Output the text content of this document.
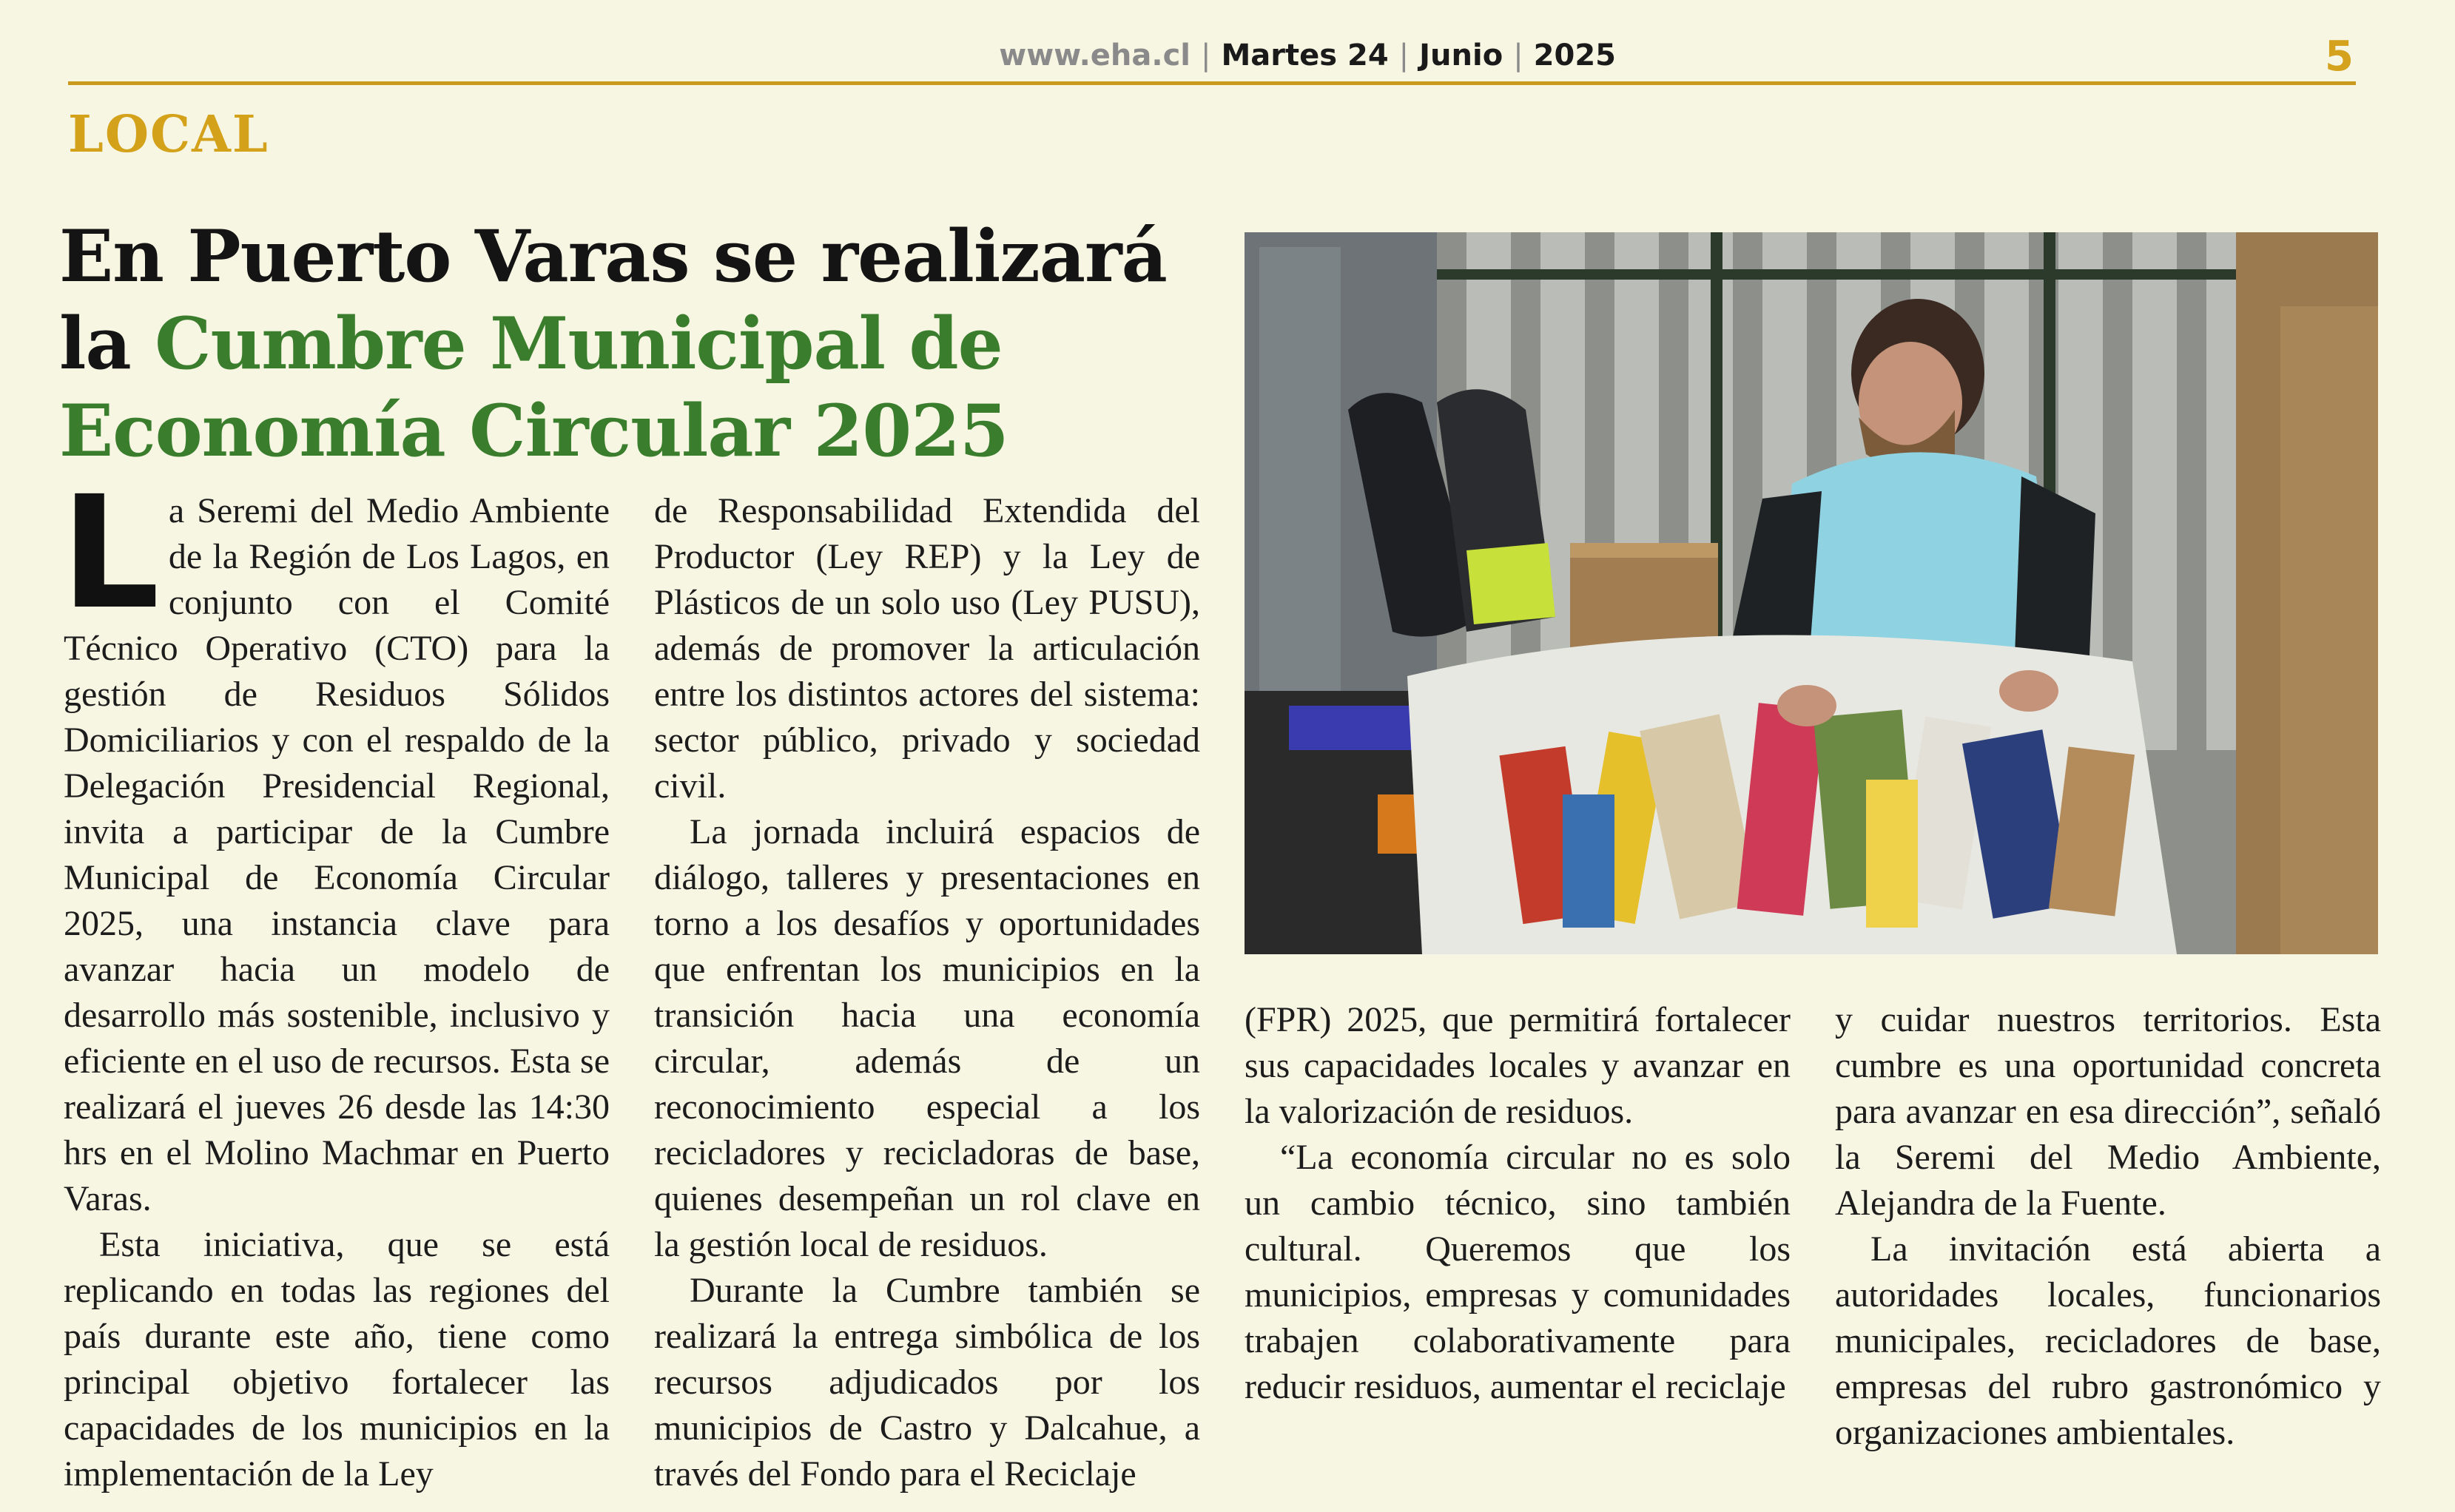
www.eha.cl | Martes 24 | Junio | 2025	5
LOCAL
En Puerto Varas se realizará
la Cumbre Municipal de
Economía Circular 2025

La Seremi del Medio Ambiente de la Región de Los Lagos, en conjunto con el Comité Técnico Operativo (CTO) para la gestión de Residuos Sólidos Domiciliarios y con el respaldo de la Delegación Presidencial Regional, invita a participar de la Cumbre Municipal de Economía Circular 2025, una instancia clave para avanzar hacia un modelo de desarrollo más sostenible, inclusivo y eficiente en el uso de recursos. Esta se realizará el jueves 26 desde las 14:30 hrs en el Molino Machmar en Puerto Varas.

Esta iniciativa, que se está replicando en todas las regiones del país durante este año, tiene como principal objetivo fortalecer las capacidades de los municipios en la implementación de la Ley

de Responsabilidad Extendida del Productor (Ley REP) y la Ley de Plásticos de un solo uso (Ley PUSU), además de promover la articulación entre los distintos actores del sistema: sector público, privado y sociedad civil.

La jornada incluirá espacios de diálogo, talleres y presentaciones en torno a los desafíos y oportunidades que enfrentan los municipios en la transición hacia una economía circular, además de un reconocimiento especial a los recicladores y recicladoras de base, quienes desempeñan un rol clave en la gestión local de residuos.

Durante la Cumbre también se realizará la entrega simbólica de los recursos adjudicados por los municipios de Castro y Dalcahue, a través del Fondo para el Reciclaje

(FPR) 2025, que permitirá fortalecer sus capacidades locales y avanzar en la valorización de residuos.

“La economía circular no es solo un cambio técnico, sino también cultural. Queremos que los municipios, empresas y comunidades trabajen colaborativamente para reducir residuos, aumentar el reciclaje

y cuidar nuestros territorios. Esta cumbre es una oportunidad concreta para avanzar en esa dirección”, señaló la Seremi del Medio Ambiente, Alejandra de la Fuente.

La invitación está abierta a autoridades locales, funcionarios municipales, recicladores de base, empresas del rubro gastronómico y organizaciones ambientales.
